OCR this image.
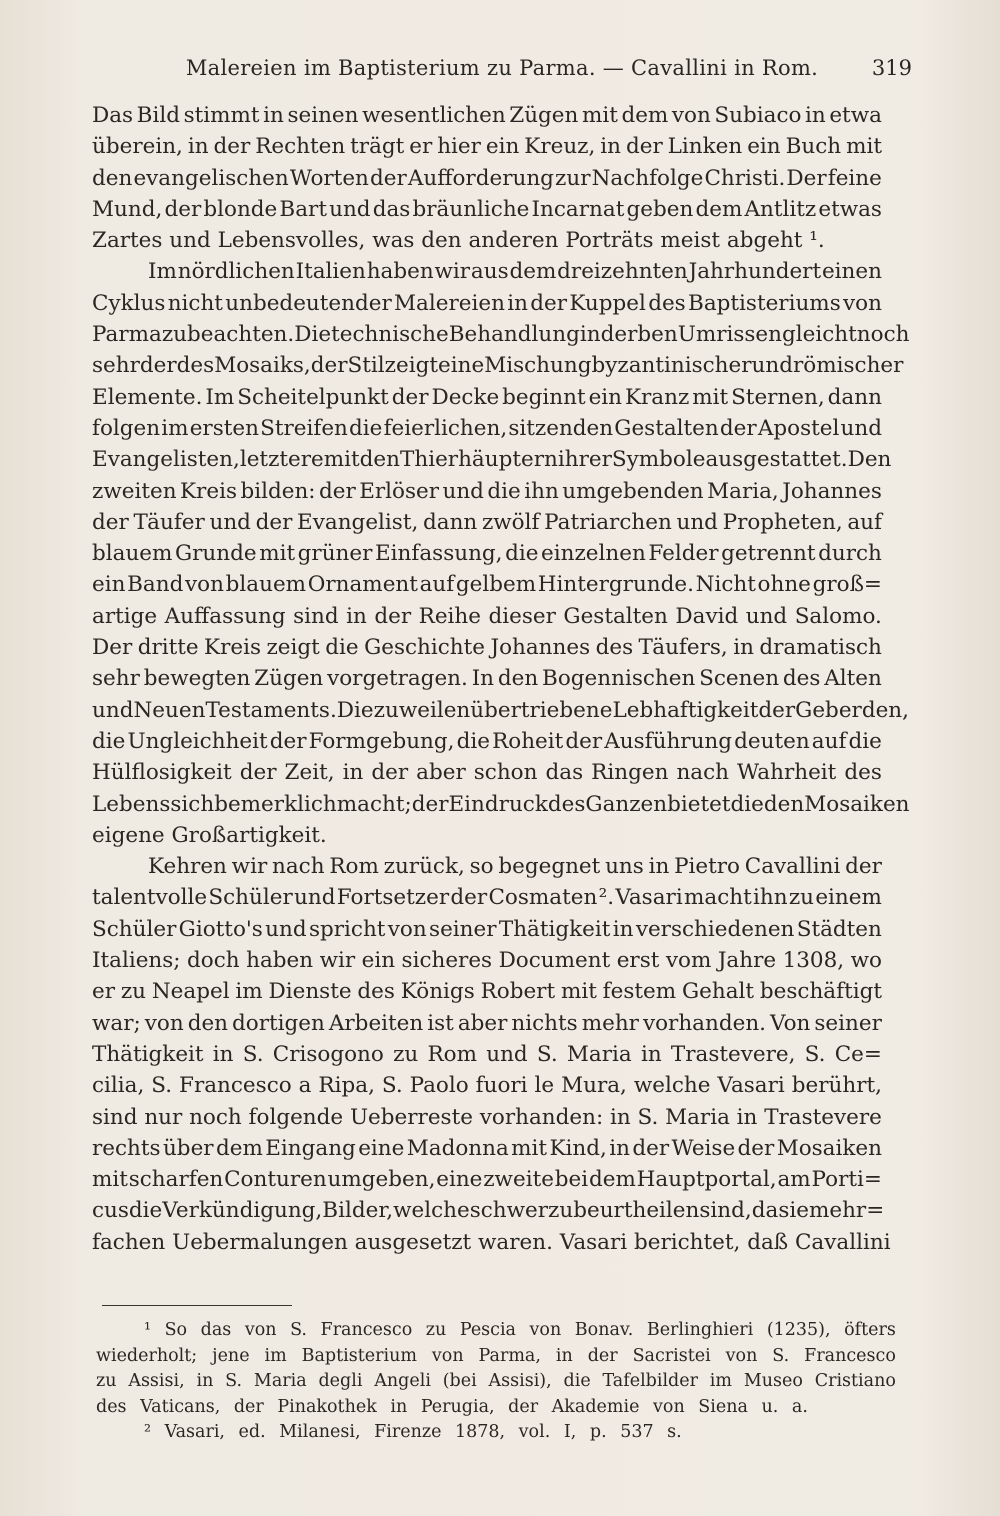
Malereien im Baptisterium zu Parma. — Cavallini in Rom.	319
Das Bild stimmt in seinen wesentlichen Zügen mit dem von Subiaco in etwa
überein, in der Rechten trägt er hier ein Kreuz, in der Linken ein Buch mit
den evangelischen Worten der Aufforderung zur Nachfolge Christi. Der feine
Mund, der blonde Bart und das bräunliche Incarnat geben dem Antlitz etwas
Zartes und Lebensvolles, was den anderen Porträts meist abgeht ¹.
Im nördlichen Italien haben wir aus dem dreizehnten Jahrhundert einen
Cyklus nicht unbedeutender Malereien in der Kuppel des Baptisteriums von
Parma zu beachten. Die technische Behandlung in derben Umrissen gleicht noch
sehr der des Mosaiks, der Stil zeigt eine Mischung byzantinischer und römischer
Elemente. Im Scheitelpunkt der Decke beginnt ein Kranz mit Sternen, dann
folgen im ersten Streifen die feierlichen, sitzenden Gestalten der Apostel und
Evangelisten, letztere mit den Thierhäuptern ihrer Symbole ausgestattet. Den
zweiten Kreis bilden: der Erlöser und die ihn umgebenden Maria, Johannes
der Täufer und der Evangelist, dann zwölf Patriarchen und Propheten, auf
blauem Grunde mit grüner Einfassung, die einzelnen Felder getrennt durch
ein Band von blauem Ornament auf gelbem Hintergrunde. Nicht ohne groß=
artige Auffassung sind in der Reihe dieser Gestalten David und Salomo.
Der dritte Kreis zeigt die Geschichte Johannes des Täufers, in dramatisch
sehr bewegten Zügen vorgetragen. In den Bogennischen Scenen des Alten
und Neuen Testaments. Die zuweilen übertriebene Lebhaftigkeit der Geberden,
die Ungleichheit der Formgebung, die Roheit der Ausführung deuten auf die
Hülflosigkeit der Zeit, in der aber schon das Ringen nach Wahrheit des
Lebens sich bemerklich macht; der Eindruck des Ganzen bietet die den Mosaiken
eigene Großartigkeit.
Kehren wir nach Rom zurück, so begegnet uns in Pietro Cavallini der
talentvolle Schüler und Fortsetzer der Cosmaten ². Vasari macht ihn zu einem
Schüler Giotto's und spricht von seiner Thätigkeit in verschiedenen Städten
Italiens; doch haben wir ein sicheres Document erst vom Jahre 1308, wo
er zu Neapel im Dienste des Königs Robert mit festem Gehalt beschäftigt
war; von den dortigen Arbeiten ist aber nichts mehr vorhanden. Von seiner
Thätigkeit in S. Crisogono zu Rom und S. Maria in Trastevere, S. Ce=
cilia, S. Francesco a Ripa, S. Paolo fuori le Mura, welche Vasari berührt,
sind nur noch folgende Ueberreste vorhanden: in S. Maria in Trastevere
rechts über dem Eingang eine Madonna mit Kind, in der Weise der Mosaiken
mit scharfen Conturen umgeben, eine zweite bei dem Hauptportal, am Porti=
cus die Verkündigung, Bilder, welche schwer zu beurtheilen sind, da sie mehr=
fachen Uebermalungen ausgesetzt waren. Vasari berichtet, daß Cavallini
¹ So das von S. Francesco zu Pescia von Bonav. Berlinghieri (1235), öfters
wiederholt; jene im Baptisterium von Parma, in der Sacristei von S. Francesco
zu Assisi, in S. Maria degli Angeli (bei Assisi), die Tafelbilder im Museo Cristiano
des Vaticans, der Pinakothek in Perugia, der Akademie von Siena u. a.
² Vasari, ed. Milanesi, Firenze 1878, vol. I, p. 537 s.
